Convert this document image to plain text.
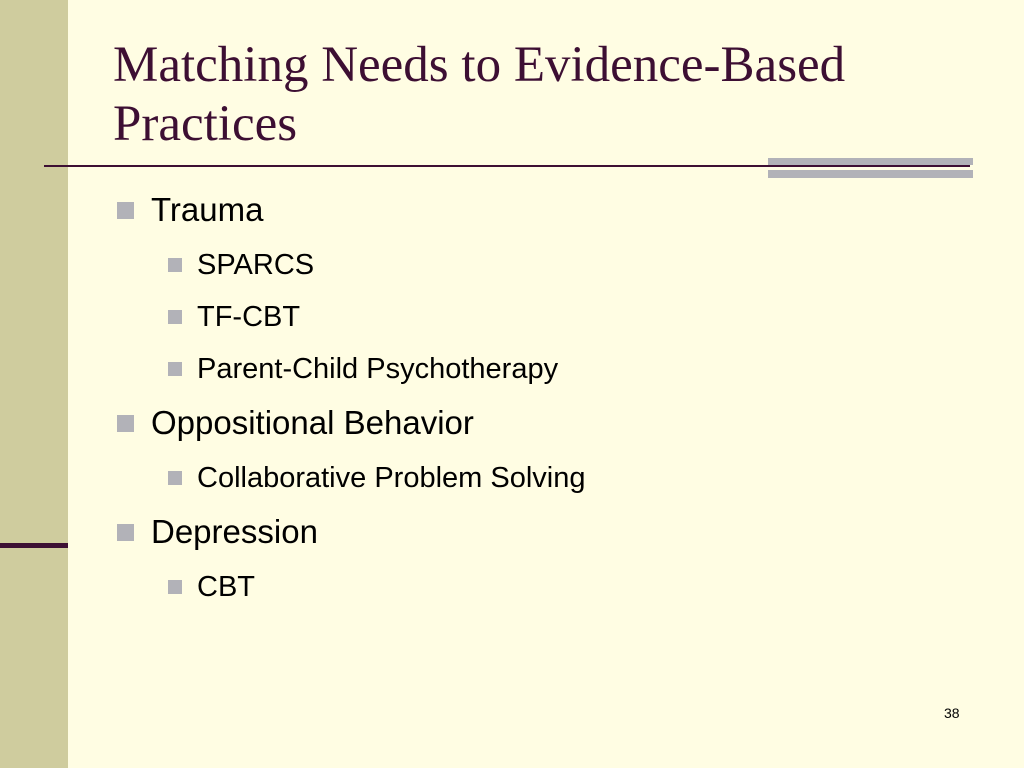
Matching Needs to Evidence-Based Practices
Trauma
SPARCS
TF-CBT
Parent-Child Psychotherapy
Oppositional Behavior
Collaborative Problem Solving
Depression
CBT
38
